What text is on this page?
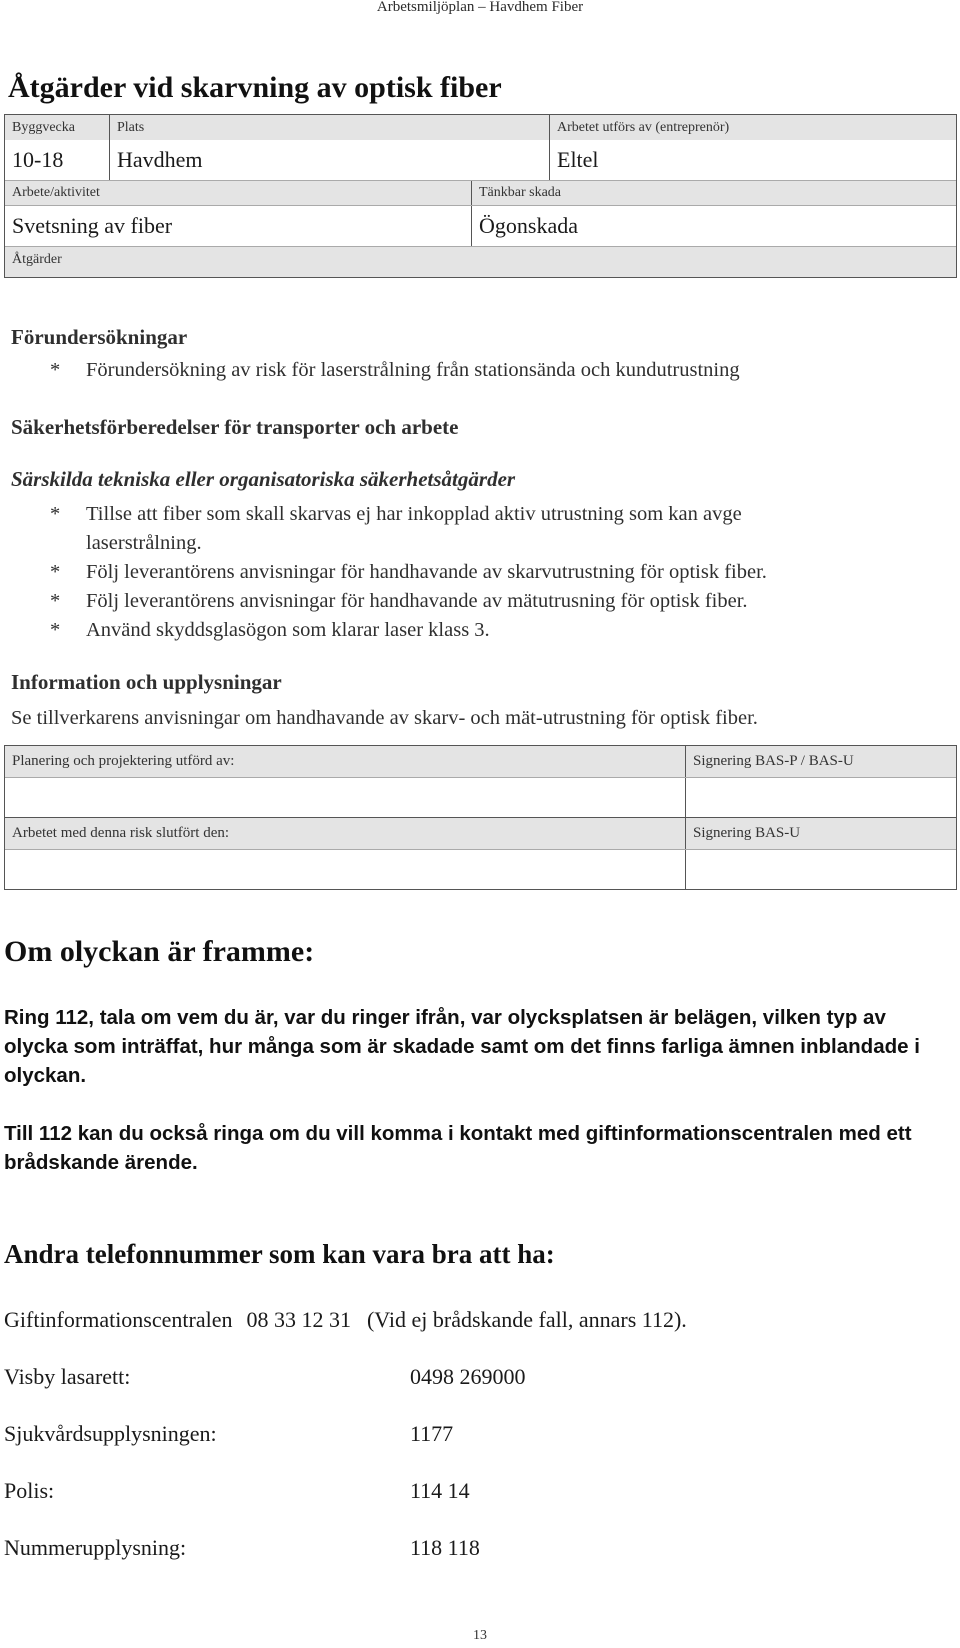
Arbetsmiljöplan – Havdhem Fiber
Åtgärder vid skarvning av optisk fiber
Byggvecka	Plats	Arbetet utförs av (entreprenör)
10-18	Havdhem	Eltel
Arbete/aktivitet	Tänkbar skada
Svetsning av fiber	Ögonskada
Åtgärder
Förundersökningar
* Förundersökning av risk för laserstrålning från stationsända och kundutrustning
Säkerhetsförberedelser för transporter och arbete
Särskilda tekniska eller organisatoriska säkerhetsåtgärder
* Tillse att fiber som skall skarvas ej har inkopplad aktiv utrustning som kan avge
laserstrålning.
* Följ leverantörens anvisningar för handhavande av skarvutrustning för optisk fiber.
* Följ leverantörens anvisningar för handhavande av mätutrusning för optisk fiber.
* Använd skyddsglasögon som klarar laser klass 3.
Information och upplysningar
Se tillverkarens anvisningar om handhavande av skarv- och mät-utrustning för optisk fiber.
Planering och projektering utförd av:	Signering BAS-P / BAS-U
Arbetet med denna risk slutfört den:	Signering BAS-U
Om olyckan är framme:

Ring 112, tala om vem du är, var du ringer ifrån, var olycksplatsen är belägen, vilken typ av olycka som inträffat, hur många som är skadade samt om det finns farliga ämnen inblandade i olyckan.

Till 112 kan du också ringa om du vill komma i kontakt med giftinformationscentralen med ett brådskande ärende.

Andra telefonnummer som kan vara bra att ha:
Giftinformationscentralen 08 33 12 31 (Vid ej brådskande fall, annars 112).
Visby lasarett:	0498 269000
Sjukvårdsupplysningen:	1177
Polis:	114 14
Nummerupplysning:	118 118
13
